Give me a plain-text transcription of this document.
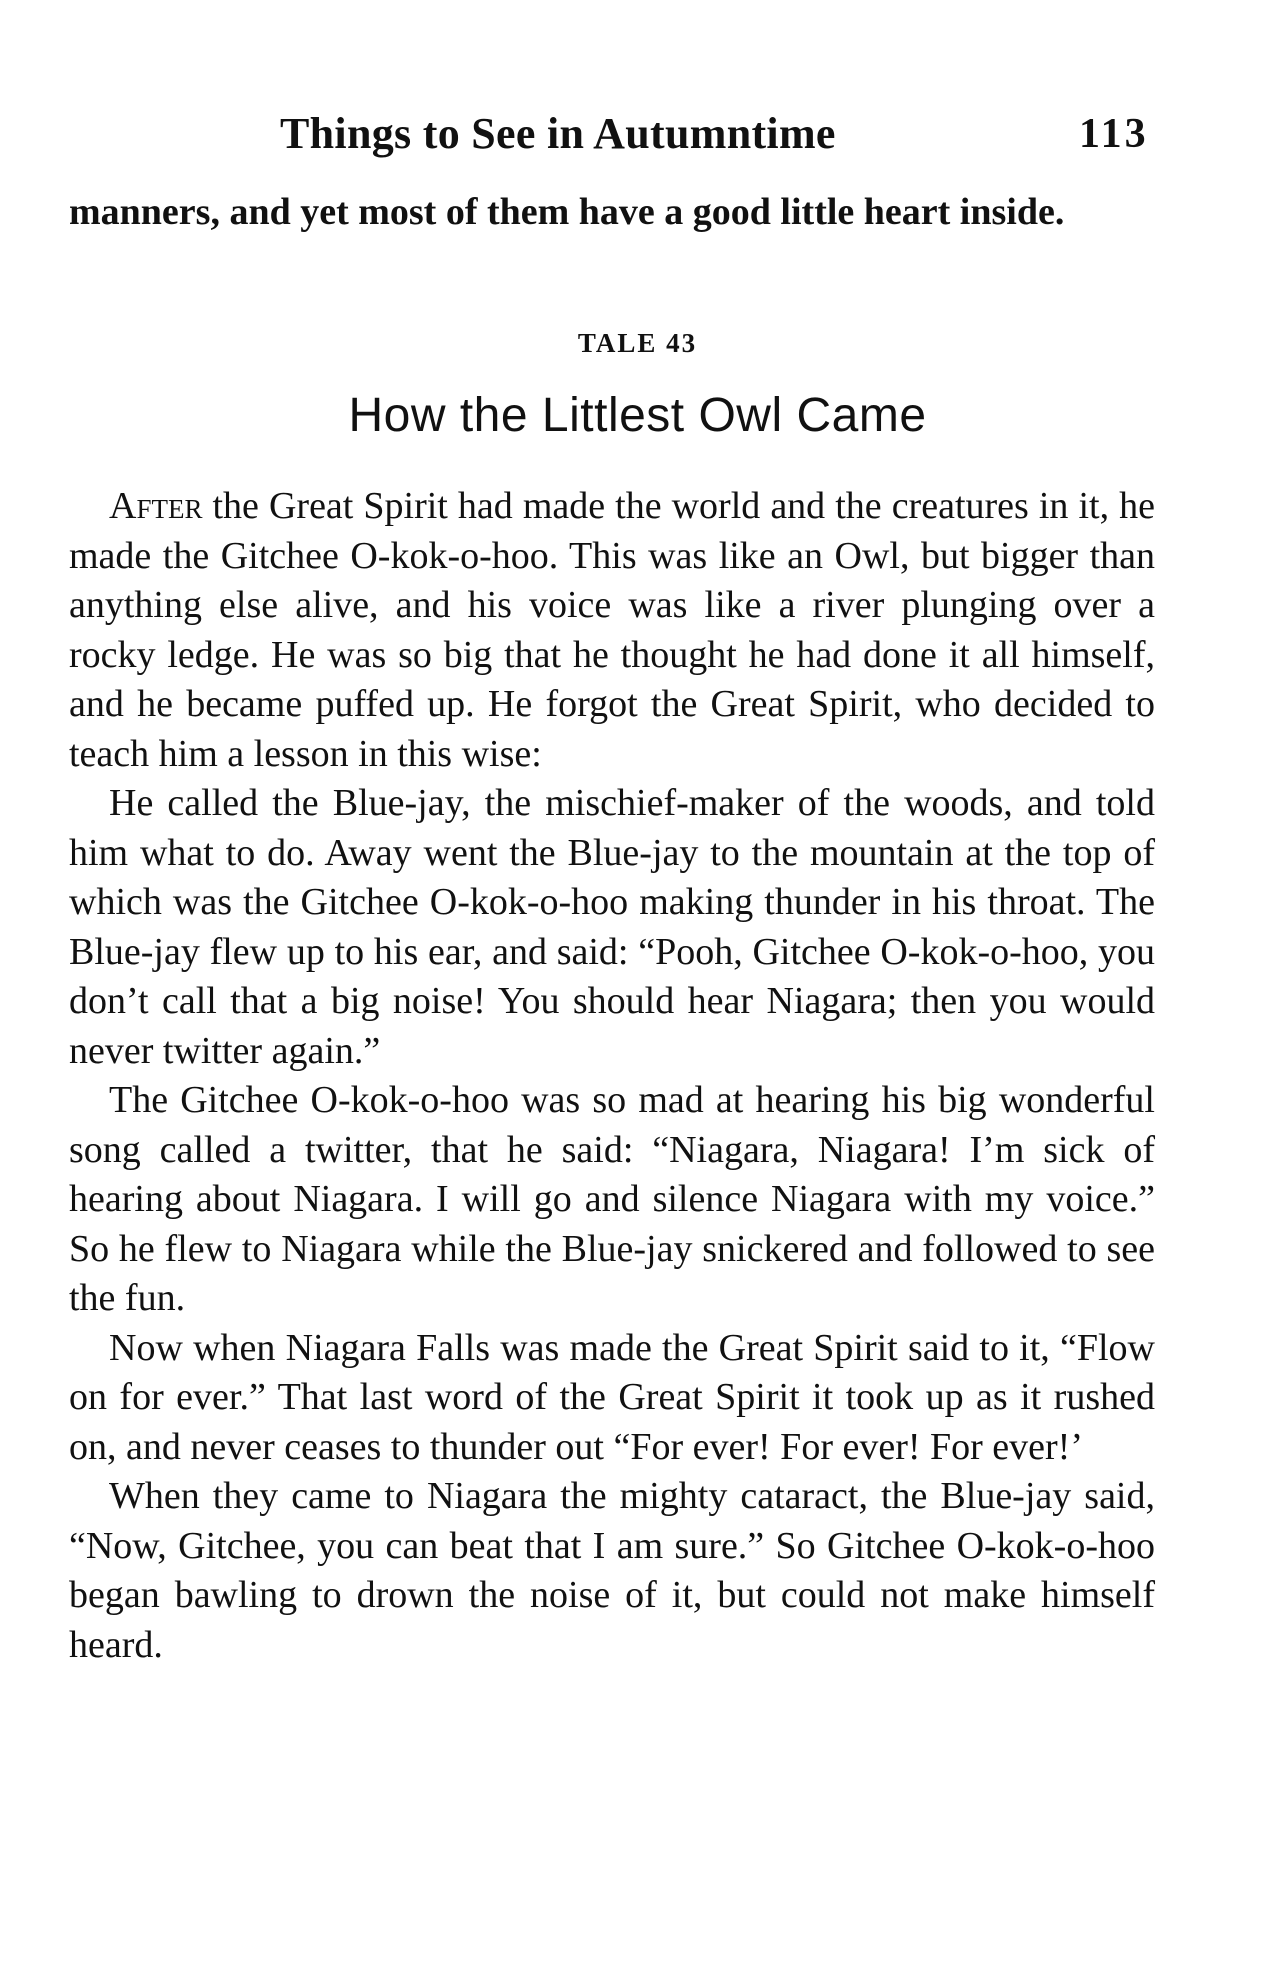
Things to See in Autumntime	113
manners, and yet most of them have a good little heart inside.
TALE 43
How the Littlest Owl Came

After the Great Spirit had made the world and the creatures in it, he made the Gitchee O-kok-o-hoo. This was like an Owl, but bigger than anything else alive, and his voice was like a river plunging over a rocky ledge. He was so big that he thought he had done it all himself, and he became puffed up. He forgot the Great Spirit, who decided to teach him a lesson in this wise:

He called the Blue-jay, the mischief-maker of the woods, and told him what to do. Away went the Blue-jay to the mountain at the top of which was the Gitchee O-kok-o-hoo making thunder in his throat. The Blue-jay flew up to his ear, and said: “Pooh, Gitchee O-kok-o-hoo, you don’t call that a big noise! You should hear Niagara; then you would never twitter again.”

The Gitchee O-kok-o-hoo was so mad at hearing his big wonderful song called a twitter, that he said: “Niagara, Niagara! I’m sick of hearing about Niagara. I will go and silence Niagara with my voice.” So he flew to Niagara while the Blue-jay snickered and followed to see the fun.

Now when Niagara Falls was made the Great Spirit said to it, “Flow on for ever.” That last word of the Great Spirit it took up as it rushed on, and never ceases to thunder out “For ever! For ever! For ever!’

When they came to Niagara the mighty cataract, the Blue-jay said, “Now, Gitchee, you can beat that I am sure.” So Gitchee O-kok-o-hoo began bawling to drown the noise of it, but could not make himself heard.
